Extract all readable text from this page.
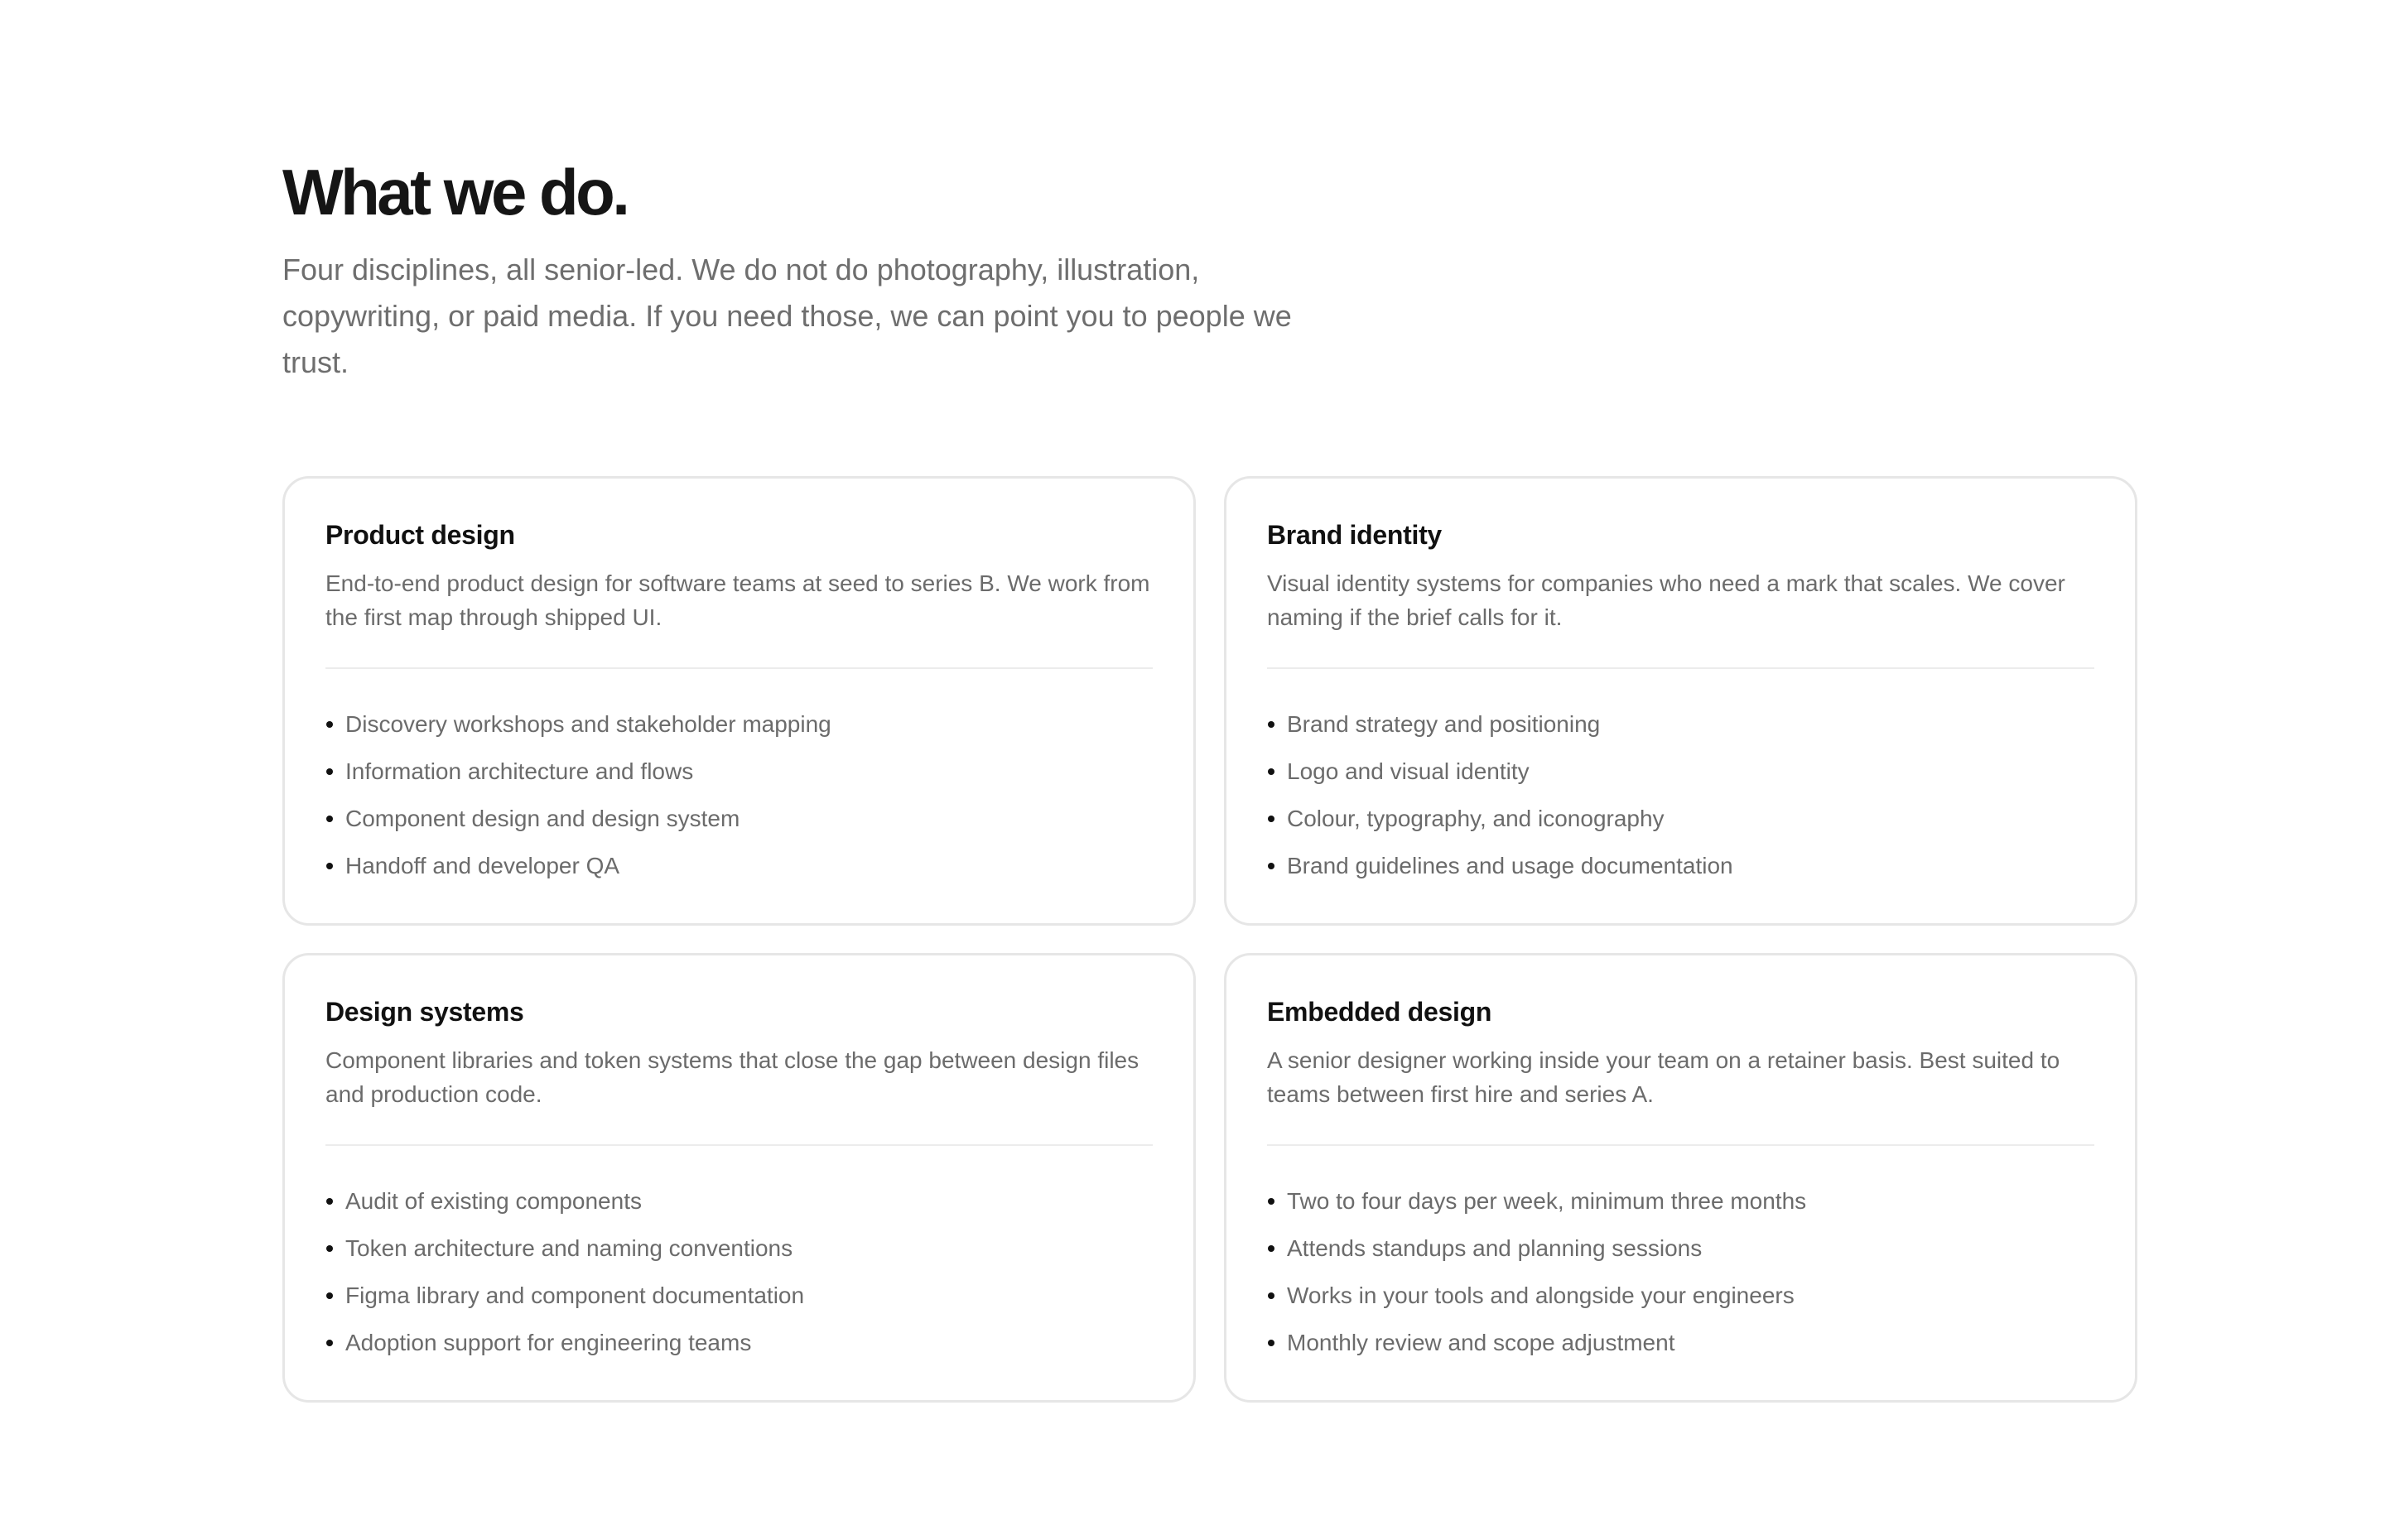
What we do.

Four disciplines, all senior-led. We do not do photography, illustration, copywriting, or paid media. If you need those, we can point you to people we trust.

Product design

End-to-end product design for software teams at seed to series B. We work from the first map through shipped UI.

Discovery workshops and stakeholder mapping
Information architecture and flows
Component design and design system
Handoff and developer QA
Brand identity

Visual identity systems for companies who need a mark that scales. We cover naming if the brief calls for it.

Brand strategy and positioning
Logo and visual identity
Colour, typography, and iconography
Brand guidelines and usage documentation
Design systems

Component libraries and token systems that close the gap between design files and production code.

Audit of existing components
Token architecture and naming conventions
Figma library and component documentation
Adoption support for engineering teams
Embedded design

A senior designer working inside your team on a retainer basis. Best suited to teams between first hire and series A.

Two to four days per week, minimum three months
Attends standups and planning sessions
Works in your tools and alongside your engineers
Monthly review and scope adjustment
